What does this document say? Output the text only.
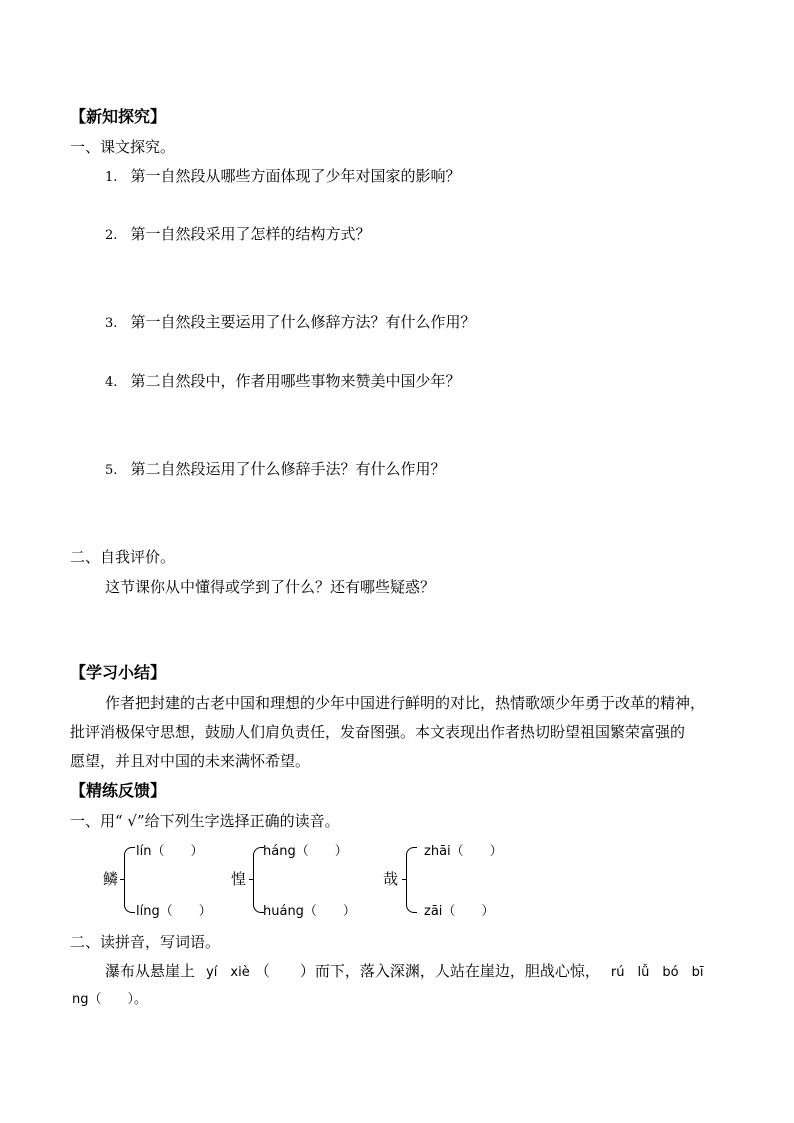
【新知探究】
一、课文探究。
1. 第一自然段从哪些方面体现了少年对国家的影响？
2. 第一自然段采用了怎样的结构方式？
3. 第一自然段主要运用了什么修辞方法？有什么作用？
4. 第二自然段中，作者用哪些事物来赞美中国少年？
5. 第二自然段运用了什么修辞手法？有什么作用？
二、自我评价。
这节课你从中懂得或学到了什么？还有哪些疑惑？
【学习小结】
作者把封建的古老中国和理想的少年中国进行鲜明的对比，热情歌颂少年勇于改革的精神，
批评消极保守思想，鼓励人们肩负责任，发奋图强。本文表现出作者热切盼望祖国繁荣富强的
愿望，并且对中国的未来满怀希望。
【精练反馈】
一、用“ √”给下列生字选择正确的读音。
鳞
lín（　　）
líng（　　）
惶
háng（　　）
huáng（　　）
哉
zhāi（　　）
zāi（　　）
二、读拼音，写词语。
瀑布从悬崖上 yí　xiè （　　）而下，落入深渊，人站在崖边，胆战心惊， rú　lǚ　bó　bī
ng（　　）。
